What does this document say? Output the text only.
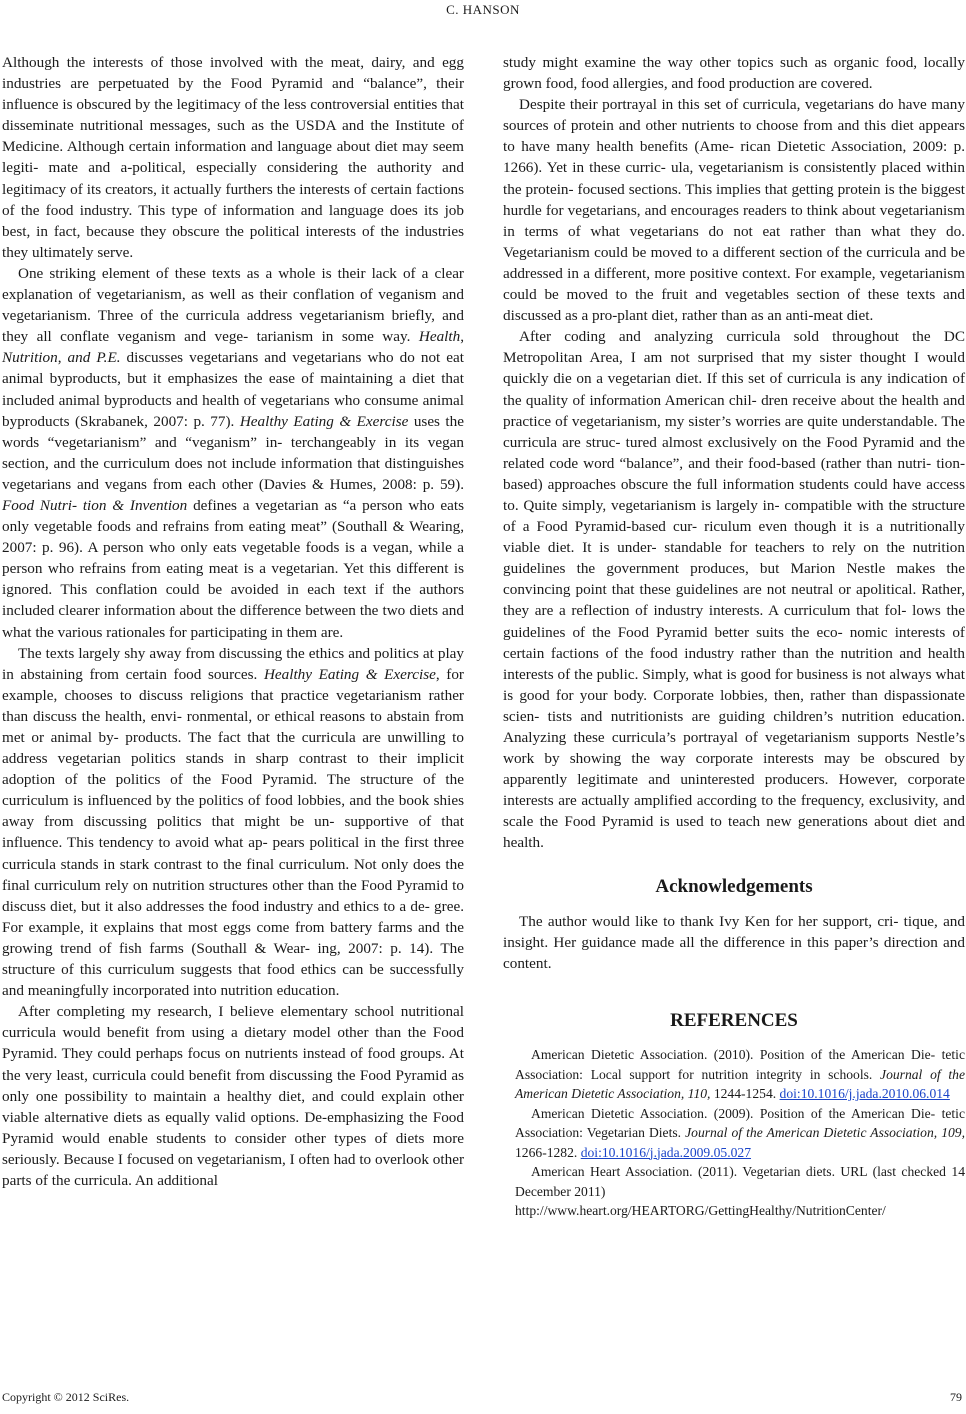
C. HANSON

Although the interests of those involved with the meat, dairy, and egg industries are perpetuated by the Food Pyramid and “balance”, their influence is obscured by the legitimacy of the less controversial entities that disseminate nutritional messages, such as the USDA and the Institute of Medicine. Although certain information and language about diet may seem legiti- mate and a-political, especially considering the authority and legitimacy of its creators, it actually furthers the interests of certain factions of the food industry. This type of information and language does its job best, in fact, because they obscure the political interests of the industries they ultimately serve.

One striking element of these texts as a whole is their lack of a clear explanation of vegetarianism, as well as their conflation of veganism and vegetarianism. Three of the curricula address vegetarianism briefly, and they all conflate veganism and vege- tarianism in some way. Health, Nutrition, and P.E. discusses vegetarians and vegetarians who do not eat animal byproducts, but it emphasizes the ease of maintaining a diet that included animal byproducts and health of vegetarians who consume animal byproducts (Skrabanek, 2007: p. 77). Healthy Eating & Exercise uses the words “vegetarianism” and “veganism” in- terchangeably in its vegan section, and the curriculum does not include information that distinguishes vegetarians and vegans from each other (Davies & Humes, 2008: p. 59). Food Nutri- tion & Invention defines a vegetarian as “a person who eats only vegetable foods and refrains from eating meat” (Southall & Wearing, 2007: p. 96). A person who only eats vegetable foods is a vegan, while a person who refrains from eating meat is a vegetarian. Yet this different is ignored. This conflation could be avoided in each text if the authors included clearer information about the difference between the two diets and what the various rationales for participating in them are.

The texts largely shy away from discussing the ethics and politics at play in abstaining from certain food sources. Healthy Eating & Exercise, for example, chooses to discuss religions that practice vegetarianism rather than discuss the health, envi- ronmental, or ethical reasons to abstain from met or animal by- products. The fact that the curricula are unwilling to address vegetarian politics stands in sharp contrast to their implicit adoption of the politics of the Food Pyramid. The structure of the curriculum is influenced by the politics of food lobbies, and the book shies away from discussing politics that might be un- supportive of that influence. This tendency to avoid what ap- pears political in the first three curricula stands in stark contrast to the final curriculum. Not only does the final curriculum rely on nutrition structures other than the Food Pyramid to discuss diet, but it also addresses the food industry and ethics to a de- gree. For example, it explains that most eggs come from battery farms and the growing trend of fish farms (Southall & Wear- ing, 2007: p. 14). The structure of this curriculum suggests that food ethics can be successfully and meaningfully incorporated into nutrition education.

After completing my research, I believe elementary school nutritional curricula would benefit from using a dietary model other than the Food Pyramid. They could perhaps focus on nutrients instead of food groups. At the very least, curricula could benefit from discussing the Food Pyramid as only one possibility to maintain a healthy diet, and could explain other viable alternative diets as equally valid options. De-emphasizing the Food Pyramid would enable students to consider other types of diets more seriously. Because I focused on vegetarianism, I often had to overlook other parts of the curricula. An additional

study might examine the way other topics such as organic food, locally grown food, food allergies, and food production are covered.

Despite their portrayal in this set of curricula, vegetarians do have many sources of protein and other nutrients to choose from and this diet appears to have many health benefits (Ame- rican Dietetic Association, 2009: p. 1266). Yet in these curric- ula, vegetarianism is consistently placed within the protein- focused sections. This implies that getting protein is the biggest hurdle for vegetarians, and encourages readers to think about vegetarianism in terms of what vegetarians do not eat rather than what they do. Vegetarianism could be moved to a different section of the curricula and be addressed in a different, more positive context. For example, vegetarianism could be moved to the fruit and vegetables section of these texts and discussed as a pro-plant diet, rather than as an anti-meat diet.

After coding and analyzing curricula sold throughout the DC Metropolitan Area, I am not surprised that my sister thought I would quickly die on a vegetarian diet. If this set of curricula is any indication of the quality of information American chil- dren receive about the health and practice of vegetarianism, my sister’s worries are quite understandable. The curricula are struc- tured almost exclusively on the Food Pyramid and the related code word “balance”, and their food-based (rather than nutri- tion-based) approaches obscure the full information students could have access to. Quite simply, vegetarianism is largely in- compatible with the structure of a Food Pyramid-based cur- riculum even though it is a nutritionally viable diet. It is under- standable for teachers to rely on the nutrition guidelines the government produces, but Marion Nestle makes the convincing point that these guidelines are not neutral or apolitical. Rather, they are a reflection of industry interests. A curriculum that fol- lows the guidelines of the Food Pyramid better suits the eco- nomic interests of certain factions of the food industry rather than the nutrition and health interests of the public. Simply, what is good for business is not always what is good for your body. Corporate lobbies, then, rather than dispassionate scien- tists and nutritionists are guiding children’s nutrition education. Analyzing these curricula’s portrayal of vegetarianism supports Nestle’s work by showing the way corporate interests may be obscured by apparently legitimate and uninterested producers. However, corporate interests are actually amplified according to the frequency, exclusivity, and scale the Food Pyramid is used to teach new generations about diet and health.

Acknowledgements

The author would like to thank Ivy Ken for her support, cri- tique, and insight. Her guidance made all the difference in this paper’s direction and content.

REFERENCES

American Dietetic Association. (2010). Position of the American Die- tetic Association: Local support for nutrition integrity in schools. Journal of the American Dietetic Association, 110, 1244-1254. doi:10.1016/j.jada.2010.06.014

American Dietetic Association. (2009). Position of the American Die- tetic Association: Vegetarian Diets. Journal of the American Dietetic Association, 109, 1266-1282. doi:10.1016/j.jada.2009.05.027

American Heart Association. (2011). Vegetarian diets. URL (last checked 14 December 2011)
http://www.heart.org/HEARTORG/GettingHealthy/NutritionCenter/

Copyright © 2012 SciRes.	79
